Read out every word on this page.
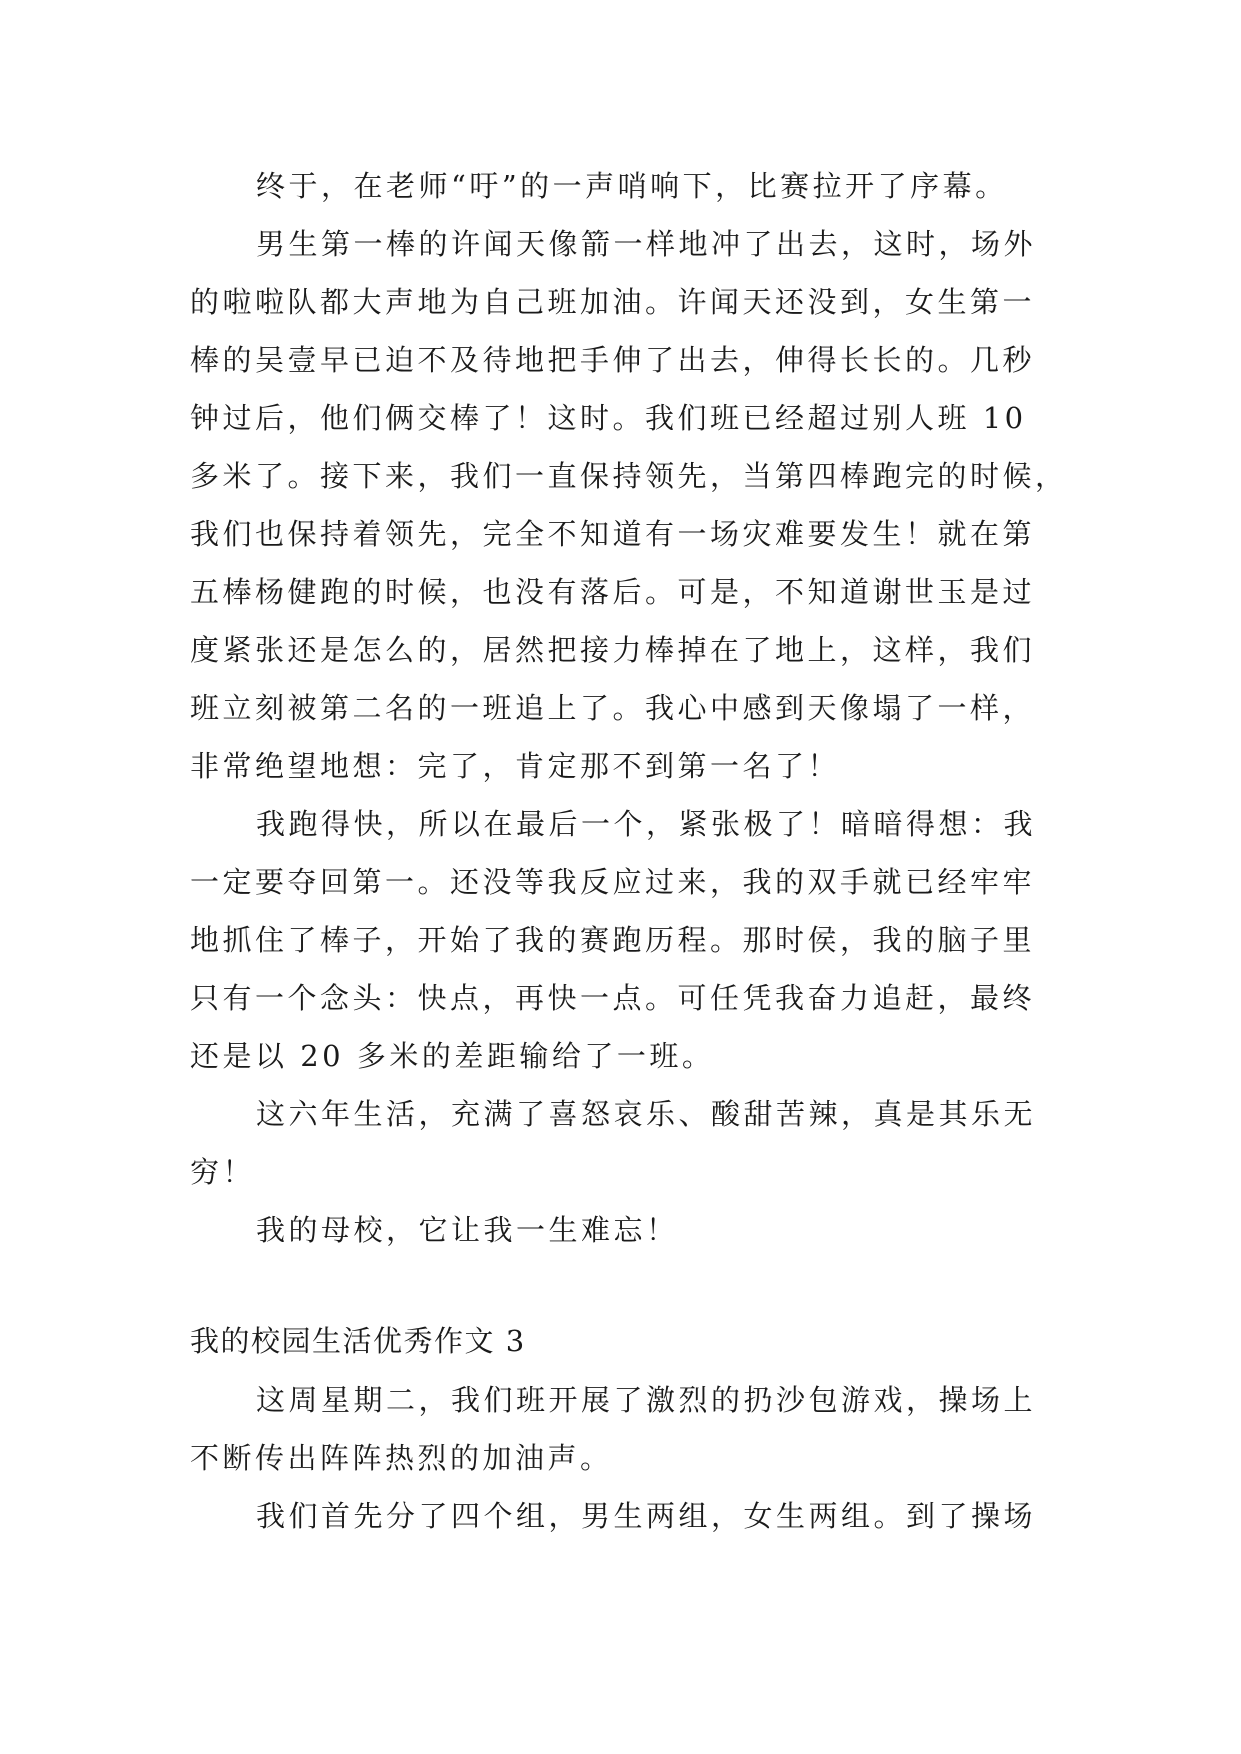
终于，在老师“吁”的一声哨响下，比赛拉开了序幕。
男生第一棒的许闻天像箭一样地冲了出去，这时，场外
的啦啦队都大声地为自己班加油。许闻天还没到，女生第一
棒的吴壹早已迫不及待地把手伸了出去，伸得长长的。几秒
钟过后，他们俩交棒了！这时。我们班已经超过别人班 10
多米了。接下来，我们一直保持领先，当第四棒跑完的时候，
我们也保持着领先，完全不知道有一场灾难要发生！就在第
五棒杨健跑的时候，也没有落后。可是，不知道谢世玉是过
度紧张还是怎么的，居然把接力棒掉在了地上，这样，我们
班立刻被第二名的一班追上了。我心中感到天像塌了一样，
非常绝望地想：完了，肯定那不到第一名了！
我跑得快，所以在最后一个，紧张极了！暗暗得想：我
一定要夺回第一。还没等我反应过来，我的双手就已经牢牢
地抓住了棒子，开始了我的赛跑历程。那时侯，我的脑子里
只有一个念头：快点，再快一点。可任凭我奋力追赶，最终
还是以 20 多米的差距输给了一班。
这六年生活，充满了喜怒哀乐、酸甜苦辣，真是其乐无
穷！
我的母校，它让我一生难忘！
我的校园生活优秀作文 3
这周星期二，我们班开展了激烈的扔沙包游戏，操场上
不断传出阵阵热烈的加油声。
我们首先分了四个组，男生两组，女生两组。到了操场
